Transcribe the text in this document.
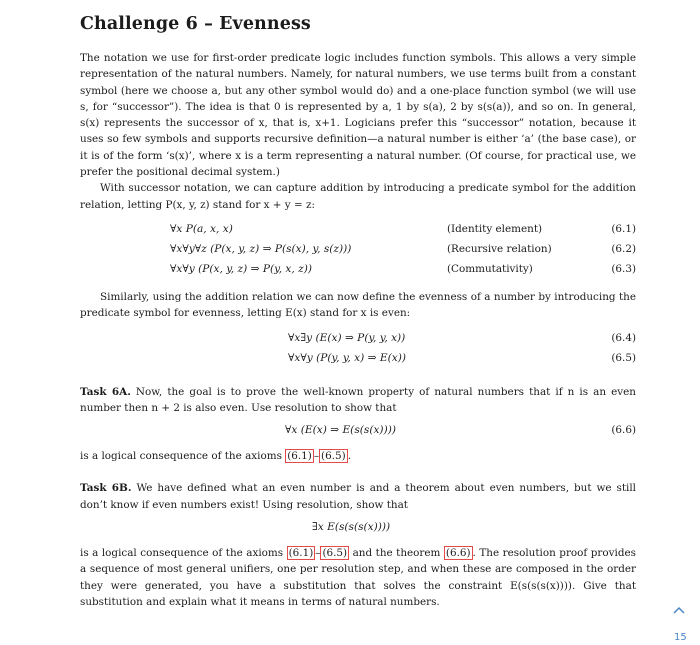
Challenge 6 – Evenness

The notation we use for first-order predicate logic includes function symbols. This allows a very simple representation of the natural numbers. Namely, for natural numbers, we use terms built from a constant symbol (here we choose a, but any other symbol would do) and a one-place function symbol (we will use s, for “successor”). The idea is that 0 is represented by a, 1 by s(a), 2 by s(s(a)), and so on. In general, s(x) represents the successor of x, that is, x+1. Logicians prefer this “successor” notation, because it uses so few symbols and supports recursive definition—a natural number is either ‘a’ (the base case), or it is of the form ‘s(x)’, where x is a term representing a natural number. (Of course, for practical use, we prefer the positional decimal system.)

With successor notation, we can capture addition by introducing a predicate symbol for the addition relation, letting P(x, y, z) stand for x + y = z:

∀x P(a, x, x)	(Identity element)	(6.1)
∀x∀y∀z (P(x, y, z) ⇒ P(s(x), y, s(z)))	(Recursive relation)	(6.2)
∀x∀y (P(x, y, z) ⇒ P(y, x, z))	(Commutativity)	(6.3)

Similarly, using the addition relation we can now define the evenness of a number by introducing the predicate symbol for evenness, letting E(x) stand for x is even:

∀x∃y (E(x) ⇒ P(y, y, x))	(6.4)
∀x∀y (P(y, y, x) ⇒ E(x))	(6.5)

Task 6A. Now, the goal is to prove the well-known property of natural numbers that if n is an even number then n + 2 is also even. Use resolution to show that

∀x (E(x) ⇒ E(s(s(x))))	(6.6)

is a logical consequence of the axioms (6.1) – (6.5) .

Task 6B. We have defined what an even number is and a theorem about even numbers, but we still don’t know if even numbers exist! Using resolution, show that

∃x E(s(s(s(x))))

is a logical consequence of the axioms (6.1) – (6.5) and the theorem (6.6) . The resolution proof provides a sequence of most general unifiers, one per resolution step, and when these are composed in the order they were generated, you have a substitution that solves the constraint E(s(s(s(x)))). Give that substitution and explain what it means in terms of natural numbers.

15
